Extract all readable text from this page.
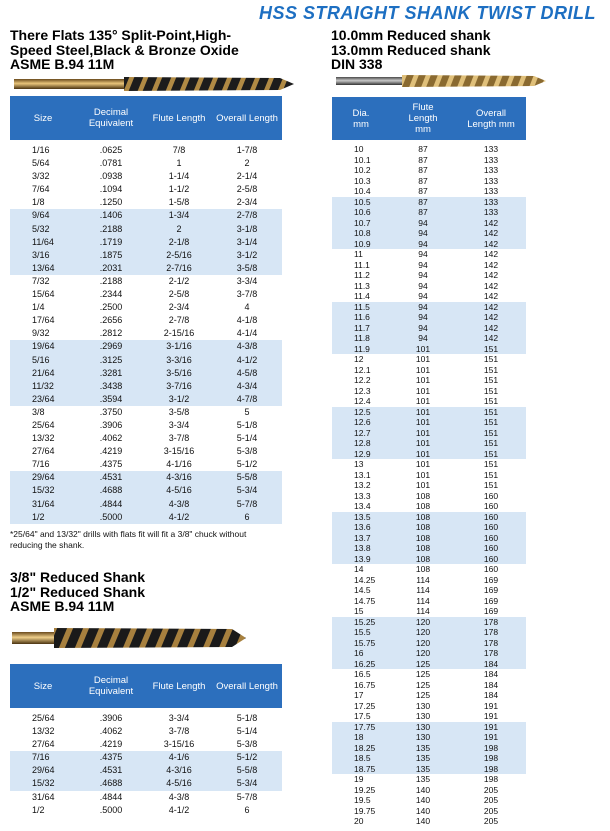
HSS STRAIGHT SHANK TWIST DRILL
There Flats 135° Split-Point,High-
Speed Steel,Black & Bronze Oxide
ASME B.94 11M
Size	Decimal Equivalent	Flute Length	Overall Length

1/16	.0625	7/8	1-7/8
5/64	.0781	1	2
3/32	.0938	1-1/4	2-1/4
7/64	.1094	1-1/2	2-5/8
1/8	.1250	1-5/8	2-3/4
9/64	.1406	1-3/4	2-7/8
5/32	.2188	2	3-1/8
11/64	.1719	2-1/8	3-1/4
3/16	.1875	2-5/16	3-1/2
13/64	.2031	2-7/16	3-5/8
7/32	.2188	2-1/2	3-3/4
15/64	.2344	2-5/8	3-7/8
1/4	.2500	2-3/4	4
17/64	.2656	2-7/8	4-1/8
9/32	.2812	2-15/16	4-1/4
19/64	.2969	3-1/16	4-3/8
5/16	.3125	3-3/16	4-1/2
21/64	.3281	3-5/16	4-5/8
11/32	.3438	3-7/16	4-3/4
23/64	.3594	3-1/2	4-7/8
3/8	.3750	3-5/8	5
25/64	.3906	3-3/4	5-1/8
13/32	.4062	3-7/8	5-1/4
27/64	.4219	3-15/16	5-3/8
7/16	.4375	4-1/16	5-1/2
29/64	.4531	4-3/16	5-5/8
15/32	.4688	4-5/16	5-3/4
31/64	.4844	4-3/8	5-7/8
1/2	.5000	4-1/2	6
*25/64" and 13/32" drills with flats fit will fit a 3/8" chuck without
reducing the shank.
3/8" Reduced Shank
1/2" Reduced Shank
ASME B.94 11M
Size	Decimal Equivalent	Flute Length	Overall Length

25/64	.3906	3-3/4	5-1/8
13/32	.4062	3-7/8	5-1/4
27/64	.4219	3-15/16	5-3/8
7/16	.4375	4-1/6	5-1/2
29/64	.4531	4-3/16	5-5/8
15/32	.4688	4-5/16	5-3/4
31/64	.4844	4-3/8	5-7/8
1/2	.5000	4-1/2	6
10.0mm Reduced shank
13.0mm Reduced shank
DIN 338
Dia. mm	Flute Length mm	Overall Length mm

10	87	133
10.1	87	133
10.2	87	133
10.3	87	133
10.4	87	133
10.5	87	133
10.6	87	133
10.7	94	142
10.8	94	142
10.9	94	142
11	94	142
11.1	94	142
11.2	94	142
11.3	94	142
11.4	94	142
11.5	94	142
11.6	94	142
11.7	94	142
11.8	94	142
11.9	101	151
12	101	151
12.1	101	151
12.2	101	151
12.3	101	151
12.4	101	151
12.5	101	151
12.6	101	151
12.7	101	151
12.8	101	151
12.9	101	151
13	101	151
13.1	101	151
13.2	101	151
13.3	108	160
13.4	108	160
13.5	108	160
13.6	108	160
13.7	108	160
13.8	108	160
13.9	108	160
14	108	160
14.25	114	169
14.5	114	169
14.75	114	169
15	114	169
15.25	120	178
15.5	120	178
15.75	120	178
16	120	178
16.25	125	184
16.5	125	184
16.75	125	184
17	125	184
17.25	130	191
17.5	130	191
17.75	130	191
18	130	191
18.25	135	198
18.5	135	198
18.75	135	198
19	135	198
19.25	140	205
19.5	140	205
19.75	140	205
20	140	205
